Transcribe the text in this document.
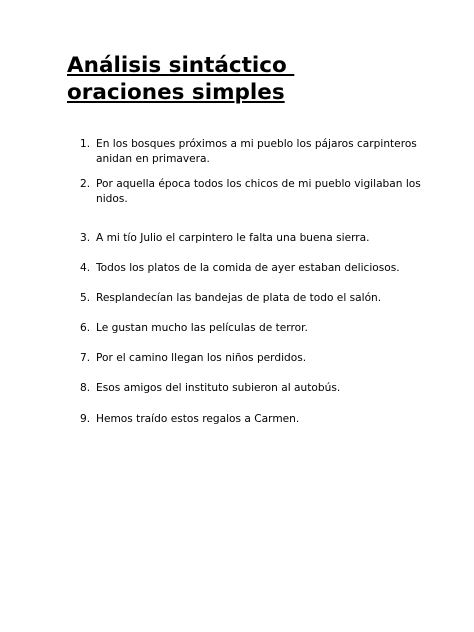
Análisis sintáctico
oraciones simples
1. En los bosques próximos a mi pueblo los pájaros carpinteros
anidan en primavera.
2. Por aquella época todos los chicos de mi pueblo vigilaban los
nidos.
3. A mi tío Julio el carpintero le falta una buena sierra.
4. Todos los platos de la comida de ayer estaban deliciosos.
5. Resplandecían las bandejas de plata de todo el salón.
6. Le gustan mucho las películas de terror.
7. Por el camino llegan los niños perdidos.
8. Esos amigos del instituto subieron al autobús.
9. Hemos traído estos regalos a Carmen.
